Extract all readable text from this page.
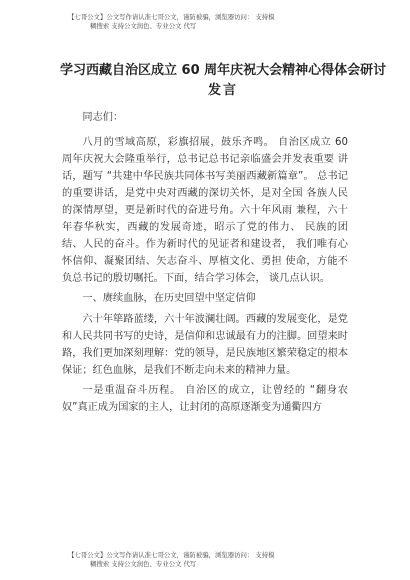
【七哥公文】公文写作请认准七哥公文，谨防被骗，浏览器访问： 支持模
糊搜索 支持公文润色、专业公文 代写
学习西藏自治区成立 60 周年庆祝大会精神心得体会研讨
发言

同志们：

八月的雪域高原，彩旗招展，鼓乐齐鸣。 自治区成立 60 周年庆祝大会隆重举行，总书记总书记亲临盛会并发表重要 讲话，题写 “共建中华民族共同体书写美丽西藏新篇章”。 总书记的重要讲话，是党中央对西藏的深切关怀，是对全国 各族人民的深情厚望，更是新时代的奋进号角。六十年风雨 兼程，六十年春华秋实，西藏的发展奇迹，昭示了党的伟力、 民族的团结、人民的奋斗。作为新时代的见证者和建设者， 我们唯有心怀信仰、凝聚团结、矢志奋斗、厚植文化、勇担 使命，方能不负总书记的殷切嘱托。下面，结合学习体会， 谈几点认识。

一、赓续血脉，在历史回望中坚定信仰

六十年筚路蓝缕，六十年波澜壮阔。西藏的发展变化，是党和人民共同书写的史诗，是信仰和忠诚最有力的注脚。回望来时路，我们更加深刻理解：党的领导，是民族地区繁荣稳定的根本保证；红色血脉，是我们不断走向未来的精神力量。

一是重温奋斗历程。 自治区的成立，让曾经的 “翻身农 奴”真正成为国家的主人，让封闭的高原逐渐变为通衢四方

【七哥公文】公文写作请认准七哥公文，谨防被骗，浏览器访问： 支持模
糊搜索 支持公文润色、专业公文 代写
